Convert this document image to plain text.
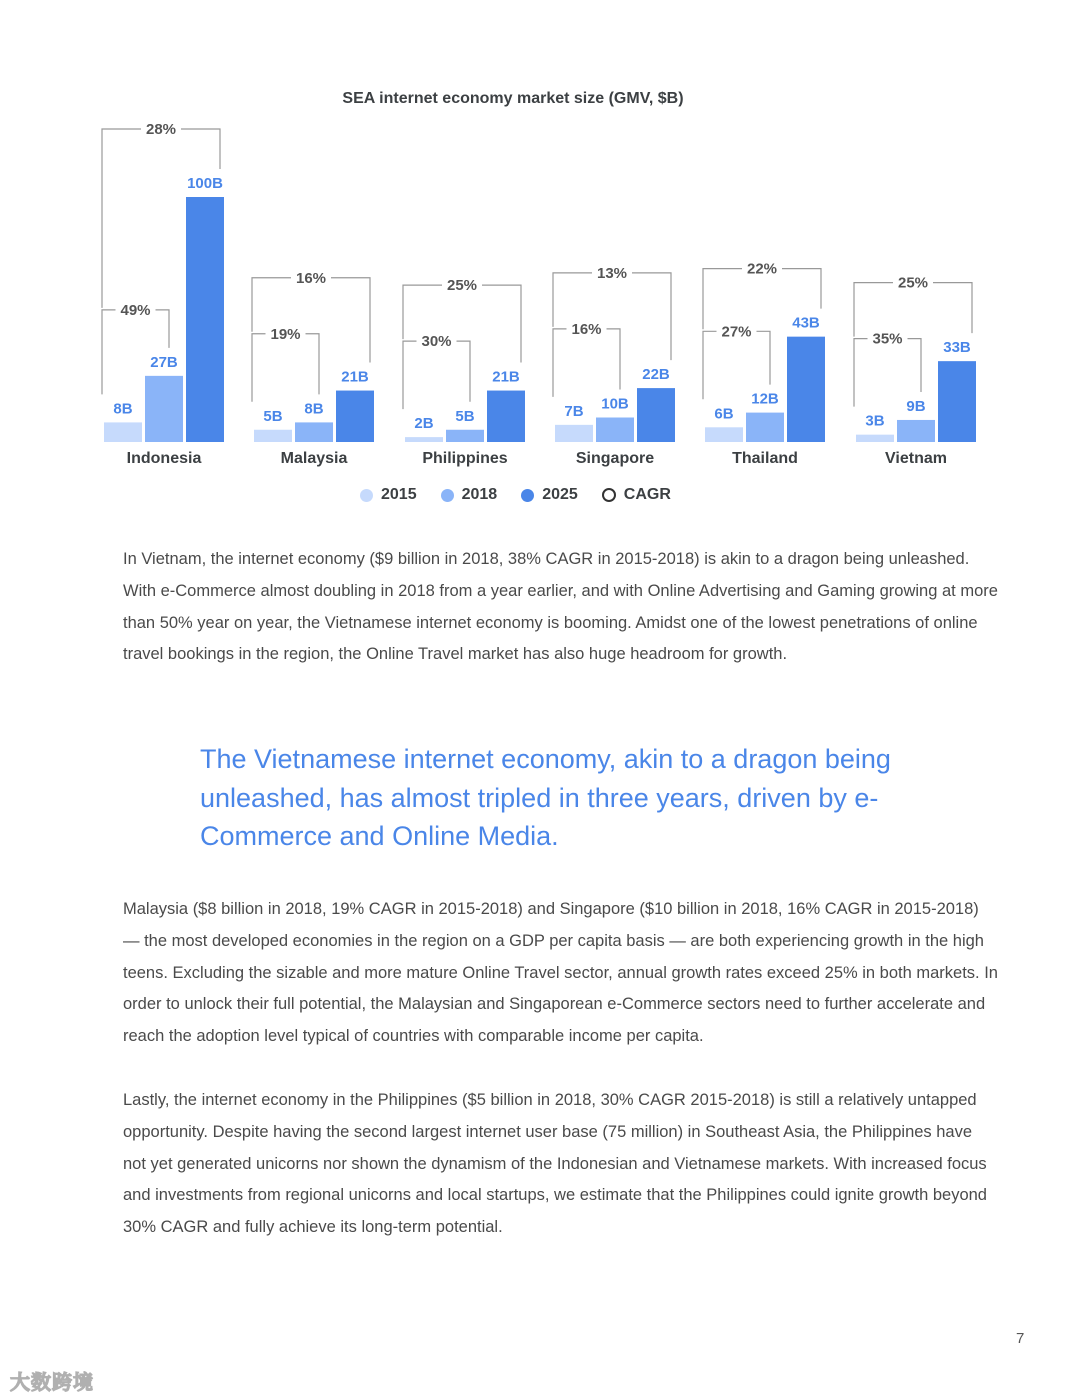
SEA internet economy market size (GMV, $B)
8B
27B
100B
Indonesia
49%
28%
5B 8B
21B
Malaysia
19%
16%
2B 5B
21B
Philippines
30%
25%
7B 10B
22B
Singapore
16%
13%
6B
12B
43B
Thailand
27%
22%
3B
9B
33B
Vietnam
35%
25%
2015	2018	2025	CAGR

In Vietnam, the internet economy ($9 billion in 2018, 38% CAGR in 2015-2018) is akin to a dragon being unleashed. With e-Commerce almost doubling in 2018 from a year earlier, and with Online Advertising and Gaming growing at more than 50% year on year, the Vietnamese internet economy is booming. Amidst one of the lowest penetrations of online travel bookings in the region, the Online Travel market has also huge headroom for growth.

The Vietnamese internet economy, akin to a dragon being unleashed, has almost tripled in three years, driven by e-Commerce and Online Media.

Malaysia ($8 billion in 2018, 19% CAGR in 2015-2018) and Singapore ($10 billion in 2018, 16% CAGR in 2015-2018) — the most developed economies in the region on a GDP per capita basis — are both experiencing growth in the high teens. Excluding the sizable and more mature Online Travel sector, annual growth rates exceed 25% in both markets. In order to unlock their full potential, the Malaysian and Singaporean e-Commerce sectors need to further accelerate and reach the adoption level typical of countries with comparable income per capita.

Lastly, the internet economy in the Philippines ($5 billion in 2018, 30% CAGR 2015-2018) is still a relatively untapped opportunity. Despite having the second largest internet user base (75 million) in Southeast Asia, the Philippines have not yet generated unicorns nor shown the dynamism of the Indonesian and Vietnamese markets. With increased focus and investments from regional unicorns and local startups, we estimate that the Philippines could ignite growth beyond 30% CAGR and fully achieve its long-term potential.

7
大数跨境
